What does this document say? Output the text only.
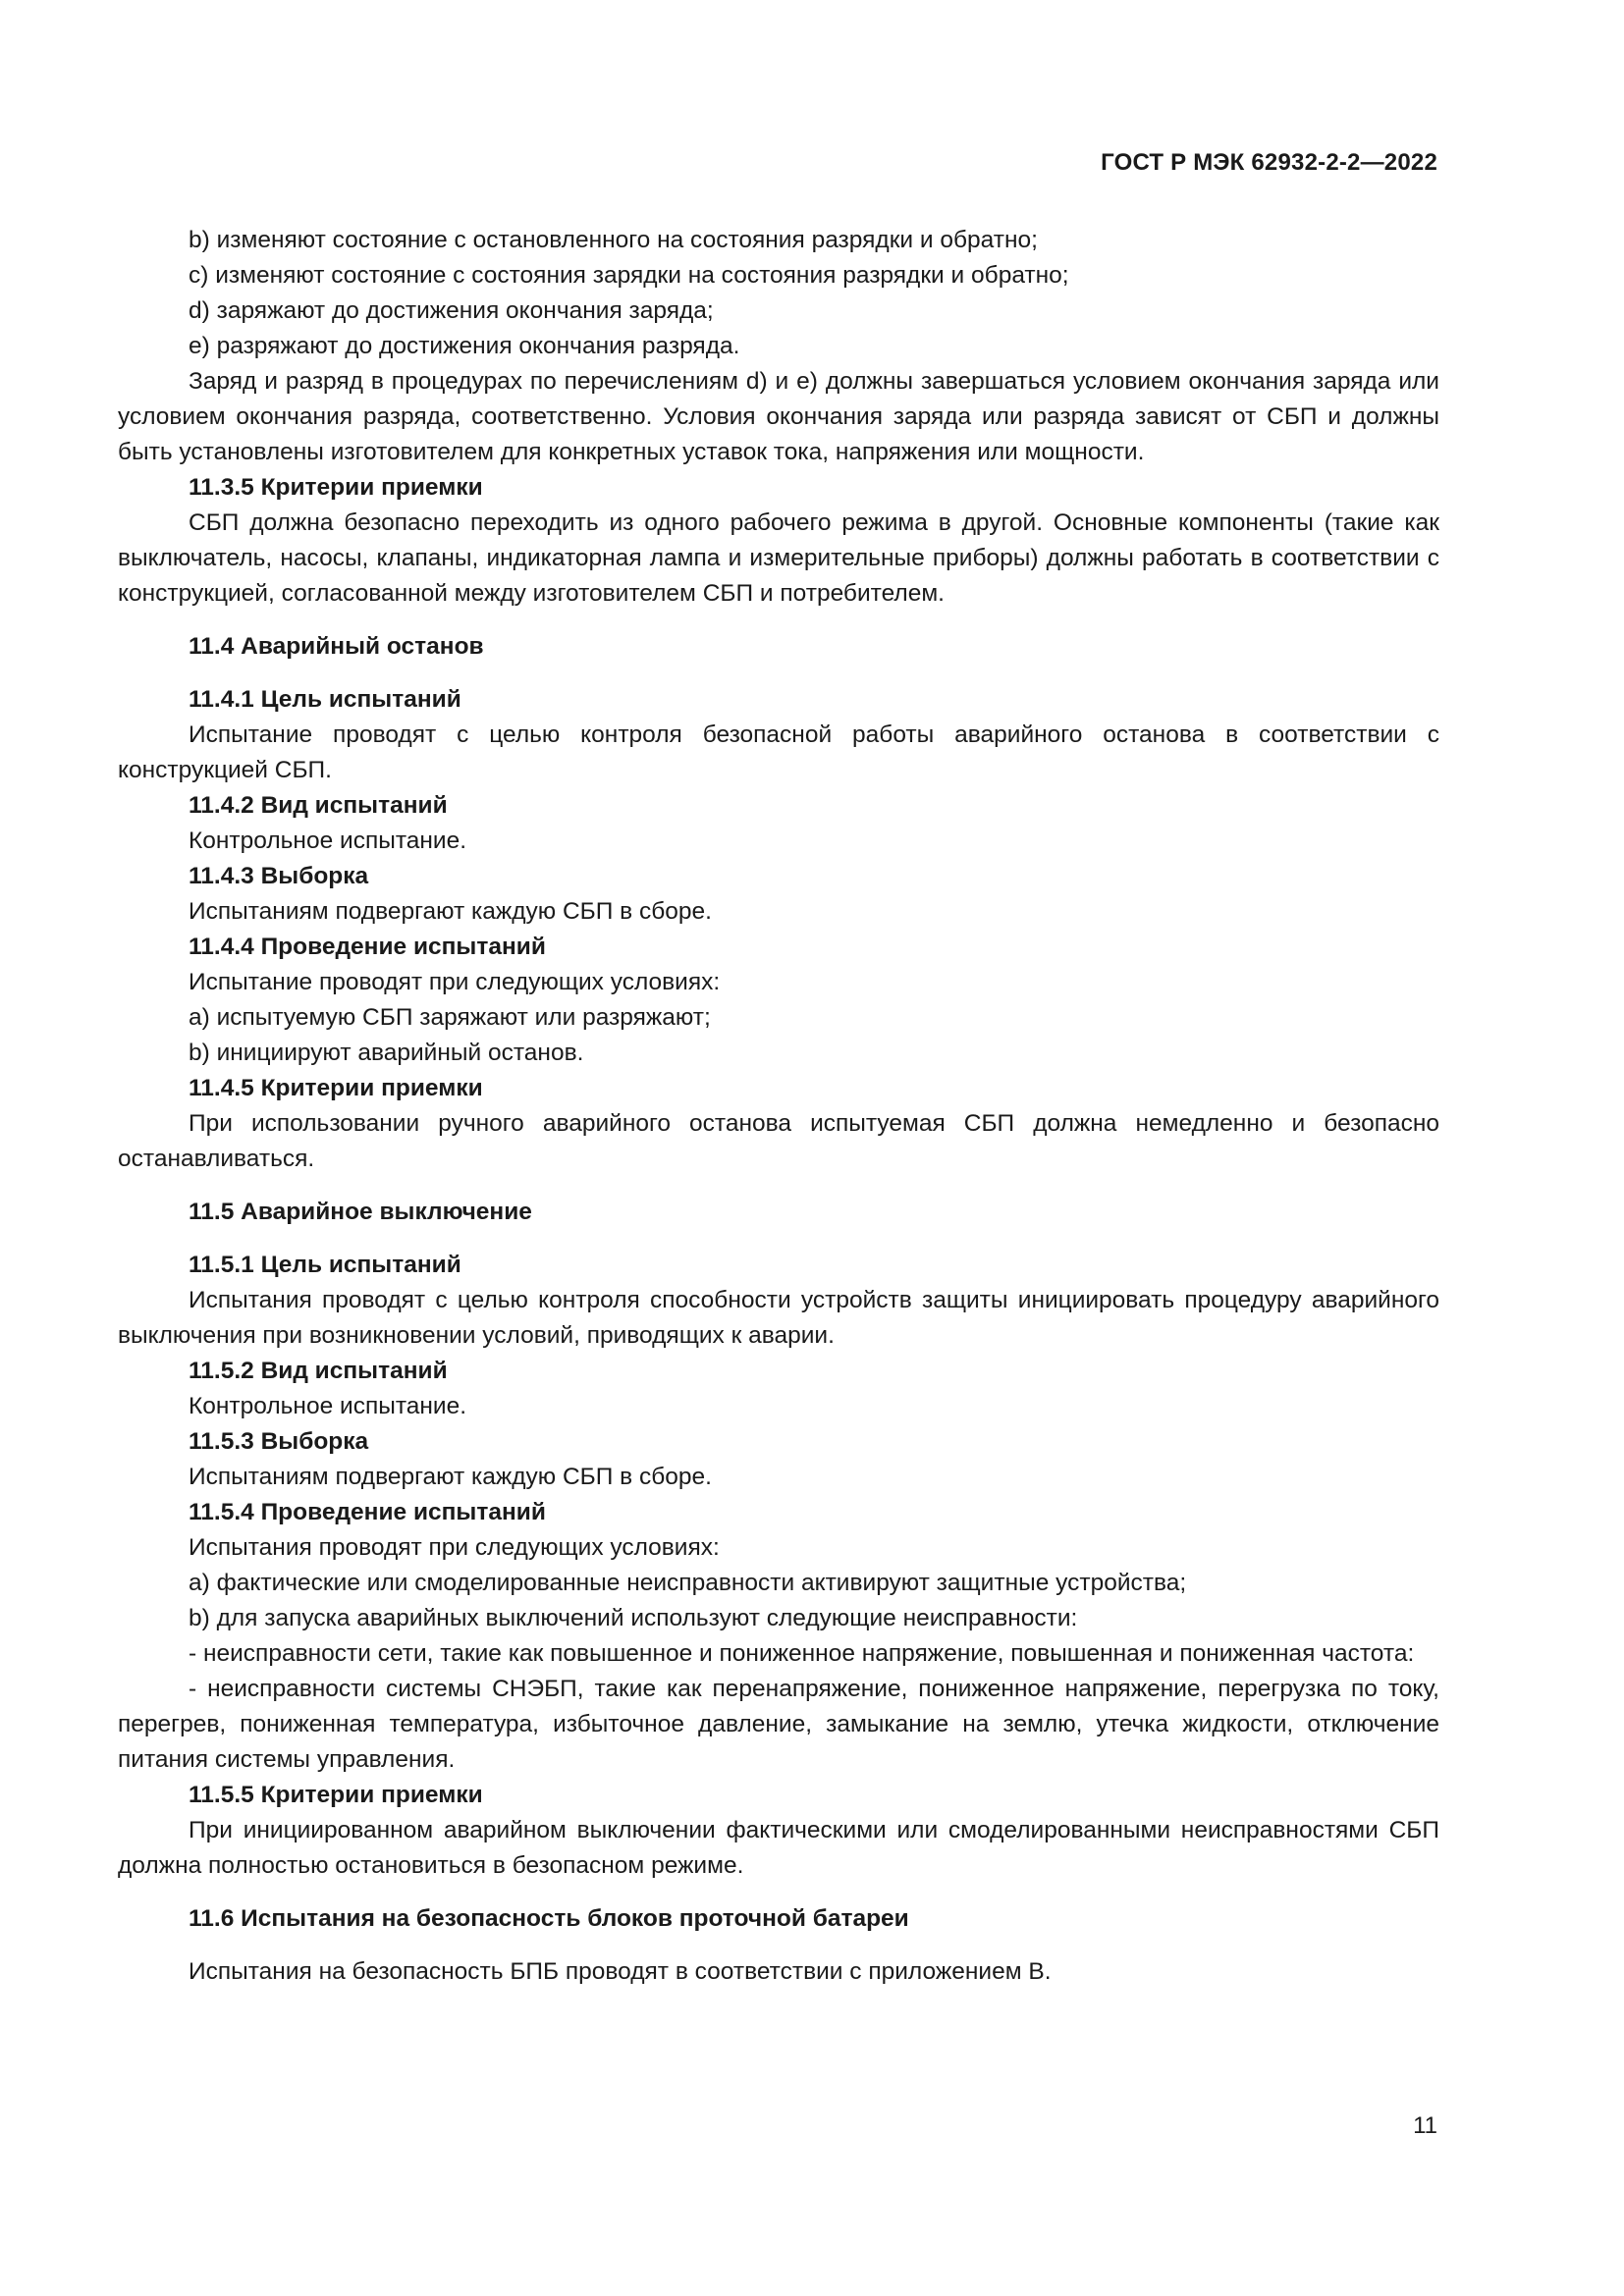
ГОСТ Р МЭК 62932-2-2—2022

b) изменяют состояние с остановленного на состояния разрядки и обратно;

c) изменяют состояние с состояния зарядки на состояния разрядки и обратно;

d) заряжают до достижения окончания заряда;

e) разряжают до достижения окончания разряда.

Заряд и разряд в процедурах по перечислениям d) и e) должны завершаться условием окончания заряда или условием окончания разряда, соответственно. Условия окончания заряда или разряда зависят от СБП и должны быть установлены изготовителем для конкретных уставок тока, напряжения или мощности.

11.3.5 Критерии приемки

СБП должна безопасно переходить из одного рабочего режима в другой. Основные компоненты (такие как выключатель, насосы, клапаны, индикаторная лампа и измерительные приборы) должны работать в соответствии с конструкцией, согласованной между изготовителем СБП и потребителем.

11.4 Аварийный останов

11.4.1 Цель испытаний

Испытание проводят с целью контроля безопасной работы аварийного останова в соответствии с конструкцией СБП.

11.4.2 Вид испытаний

Контрольное испытание.

11.4.3 Выборка

Испытаниям подвергают каждую СБП в сборе.

11.4.4 Проведение испытаний

Испытание проводят при следующих условиях:

a) испытуемую СБП заряжают или разряжают;

b) инициируют аварийный останов.

11.4.5 Критерии приемки

При использовании ручного аварийного останова испытуемая СБП должна немедленно и безопасно останавливаться.

11.5 Аварийное выключение

11.5.1 Цель испытаний

Испытания проводят с целью контроля способности устройств защиты инициировать процедуру аварийного выключения при возникновении условий, приводящих к аварии.

11.5.2 Вид испытаний

Контрольное испытание.

11.5.3 Выборка

Испытаниям подвергают каждую СБП в сборе.

11.5.4 Проведение испытаний

Испытания проводят при следующих условиях:

a) фактические или смоделированные неисправности активируют защитные устройства;

b) для запуска аварийных выключений используют следующие неисправности:

- неисправности сети, такие как повышенное и пониженное напряжение, повышенная и пониженная частота:

- неисправности системы СНЭБП, такие как перенапряжение, пониженное напряжение, перегрузка по току, перегрев, пониженная температура, избыточное давление, замыкание на землю, утечка жидкости, отключение питания системы управления.

11.5.5 Критерии приемки

При инициированном аварийном выключении фактическими или смоделированными неисправностями СБП должна полностью остановиться в безопасном режиме.

11.6 Испытания на безопасность блоков проточной батареи

Испытания на безопасность БПБ проводят в соответствии с приложением В.

11
